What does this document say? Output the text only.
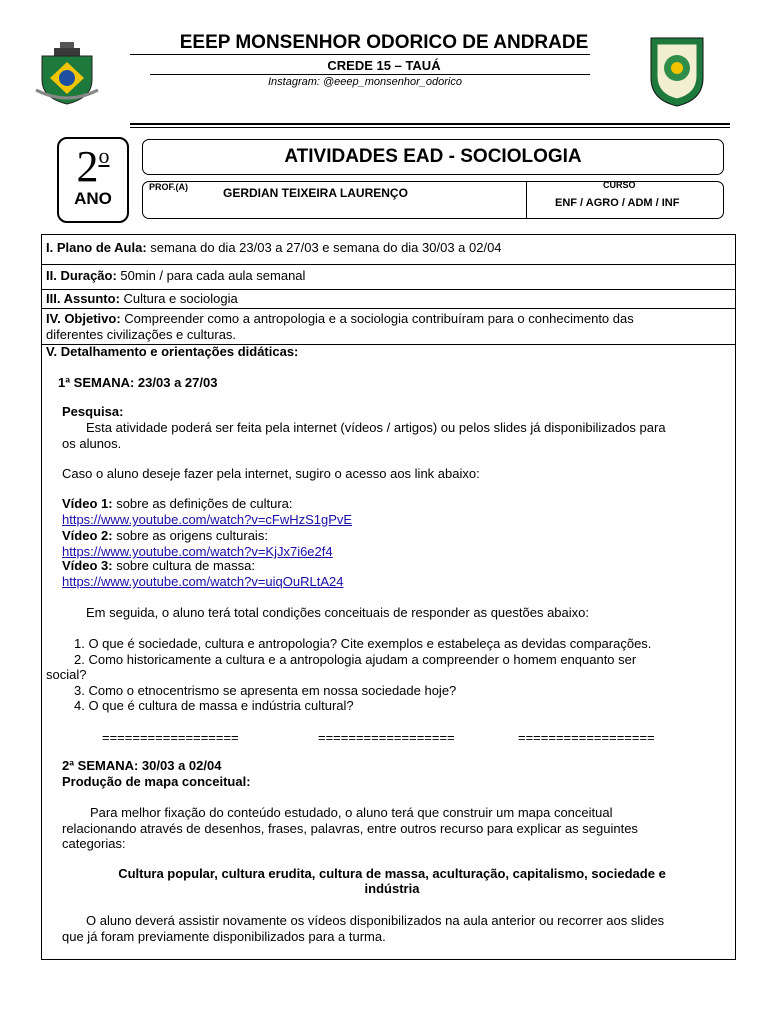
EEEP MONSENHOR ODORICO DE ANDRADE
CREDE 15 – TAUÁ
Instagram: @eeep_monsenhor_odorico
2$^o$
ANO
ATIVIDADES EAD - SOCIOLOGIA
PROF.(A)	GERDIAN TEIXEIRA LAURENÇO
CURSO
ENF / AGRO / ADM / INF
I. Plano de Aula: semana do dia 23/03 a 27/03 e semana do dia 30/03 a 02/04
II. Duração: 50min / para cada aula semanal
III. Assunto: Cultura e sociologia
IV. Objetivo: Compreender como a antropologia e a sociologia contribuíram para o conhecimento das
diferentes civilizações e culturas.
V. Detalhamento e orientações didáticas:
1ª SEMANA: 23/03 a 27/03
Pesquisa:
Esta atividade poderá ser feita pela internet (vídeos / artigos) ou pelos slides já disponibilizados para
os alunos.
Caso o aluno deseje fazer pela internet, sugiro o acesso aos link abaixo:
Vídeo 1: sobre as definições de cultura:
https://www.youtube.com/watch?v=cFwHzS1gPvE
Vídeo 2: sobre as origens culturais:
https://www.youtube.com/watch?v=KjJx7i6e2f4
Vídeo 3: sobre cultura de massa:
https://www.youtube.com/watch?v=uiqOuRLtA24
Em seguida, o aluno terá total condições conceituais de responder as questões abaixo:
1. O que é sociedade, cultura e antropologia? Cite exemplos e estabeleça as devidas comparações.
2. Como historicamente a cultura e a antropologia ajudam a compreender o homem enquanto ser
social?
3. Como o etnocentrismo se apresenta em nossa sociedade hoje?
4. O que é cultura de massa e indústria cultural?
==================	==================	==================
2ª SEMANA: 30/03 a 02/04
Produção de mapa conceitual:
Para melhor fixação do conteúdo estudado, o aluno terá que construir um mapa conceitual
relacionando através de desenhos, frases, palavras, entre outros recurso para explicar as seguintes
categorias:
Cultura popular, cultura erudita, cultura de massa, aculturação, capitalismo, sociedade e
indústria
O aluno deverá assistir novamente os vídeos disponibilizados na aula anterior ou recorrer aos slides
que já foram previamente disponibilizados para a turma.
